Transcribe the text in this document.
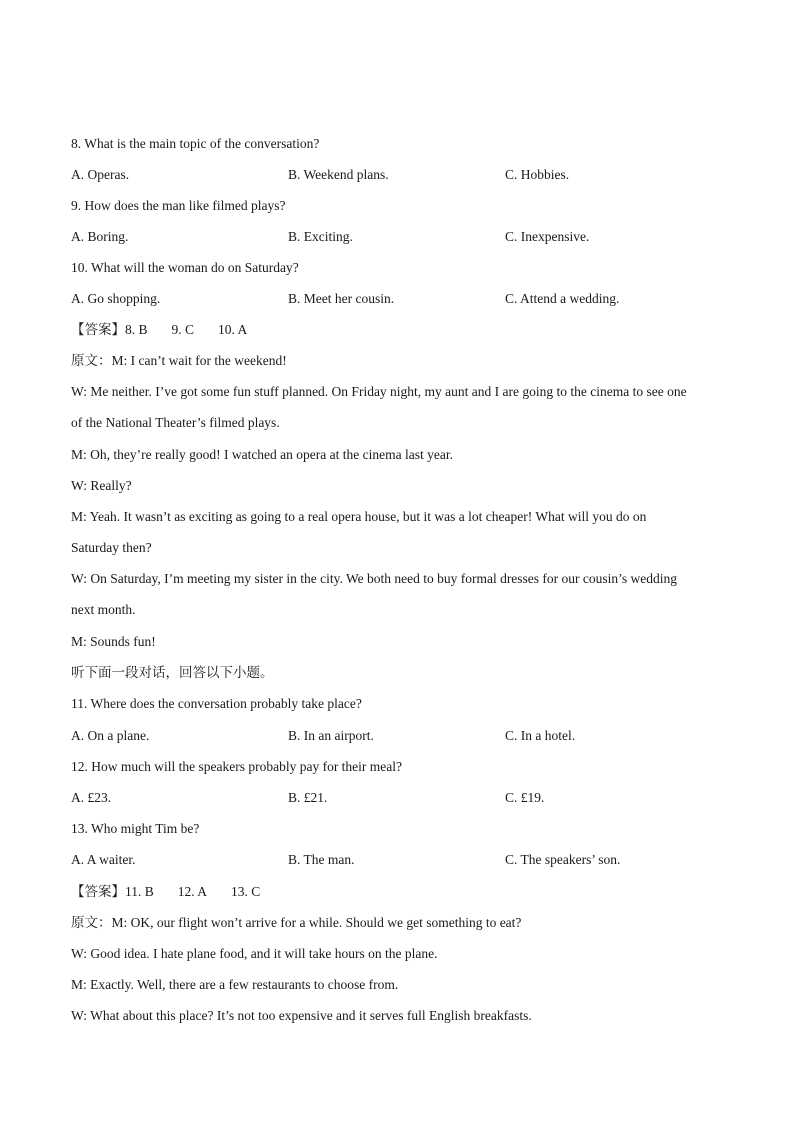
8. What is the main topic of the conversation?
A. Operas.	B. Weekend plans.	C. Hobbies.
9. How does the man like filmed plays?
A. Boring.	B. Exciting.	C. Inexpensive.
10. What will the woman do on Saturday?
A. Go shopping.	B. Meet her cousin.	C. Attend a wedding.
【答案】8. B 9. C 10. A
原文：M: I can’t wait for the weekend!
W: Me neither. I’ve got some fun stuff planned. On Friday night, my aunt and I are going to the cinema to see one
of the National Theater’s filmed plays.
M: Oh, they’re really good! I watched an opera at the cinema last year.
W: Really?
M: Yeah. It wasn’t as exciting as going to a real opera house, but it was a lot cheaper! What will you do on
Saturday then?
W: On Saturday, I’m meeting my sister in the city. We both need to buy formal dresses for our cousin’s wedding
next month.
M: Sounds fun!
听下面一段对话，回答以下小题。
11. Where does the conversation probably take place?
A. On a plane.	B. In an airport.	C. In a hotel.
12. How much will the speakers probably pay for their meal?
A. £23.	B. £21.	C. £19.
13. Who might Tim be?
A. A waiter.	B. The man.	C. The speakers’ son.
【答案】11. B 12. A 13. C
原文：M: OK, our flight won’t arrive for a while. Should we get something to eat?
W: Good idea. I hate plane food, and it will take hours on the plane.
M: Exactly. Well, there are a few restaurants to choose from.
W: What about this place? It’s not too expensive and it serves full English breakfasts.
